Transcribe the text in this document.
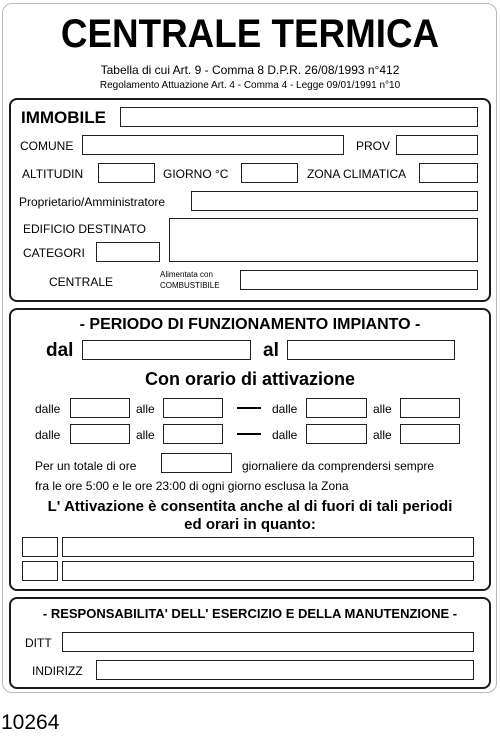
CENTRALE TERMICA
Tabella di cui Art. 9 - Comma 8 D.P.R. 26/08/1993 n°412
Regolamento Attuazione Art. 4 - Comma 4 - Legge 09/01/1991 n°10
IMMOBILE
COMUNE	PROV
ALTITUDIN	GIORNO °C	ZONA CLIMATICA
Proprietario/Amministratore
EDIFICIO DESTINATO
CATEGORI
CENTRALE
Alimentata con
COMBUSTIBILE
- PERIODO DI FUNZIONAMENTO IMPIANTO -
dal	al
Con orario di attivazione
dalle	alle	dalle	alle
dalle	alle	dalle	alle
Per un totale di ore	giornaliere da comprendersi sempre
fra le ore 5:00 e le ore 23:00 di ogni giorno esclusa la Zona
L' Attivazione è consentita anche al di fuori di tali periodi
ed orari in quanto:
- RESPONSABILITA' DELL' ESERCIZIO E DELLA MANUTENZIONE -
DITT
INDIRIZZ
10264
